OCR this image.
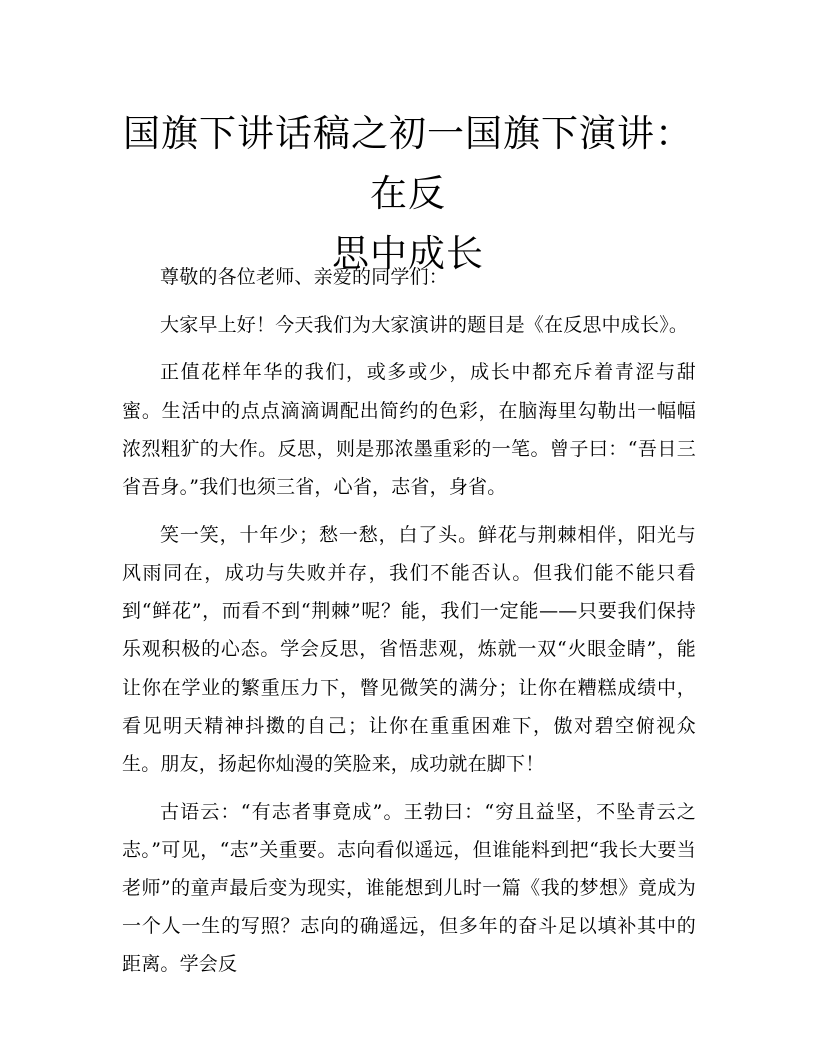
国旗下讲话稿之初一国旗下演讲：在反
思中成长

尊敬的各位老师、亲爱的同学们：

大家早上好！今天我们为大家演讲的题目是《在反思中成长》。

正值花样年华的我们，或多或少，成长中都充斥着青涩与甜蜜。生活中的点点滴滴调配出简约的色彩，在脑海里勾勒出一幅幅浓烈粗犷的大作。反思，则是那浓墨重彩的一笔。曾子曰：“吾日三省吾身。”我们也须三省，心省，志省，身省。

笑一笑，十年少；愁一愁，白了头。鲜花与荆棘相伴，阳光与风雨同在，成功与失败并存，我们不能否认。但我们能不能只看到“鲜花”，而看不到“荆棘”呢？能，我们一定能——只要我们保持乐观积极的心态。学会反思，省悟悲观，炼就一双“火眼金睛”，能让你在学业的繁重压力下，瞥见微笑的满分；让你在糟糕成绩中，看见明天精神抖擞的自己；让你在重重困难下，傲对碧空俯视众生。朋友，扬起你灿漫的笑脸来，成功就在脚下！

古语云：“有志者事竟成”。王勃曰：“穷且益坚，不坠青云之志。”可见，“志”关重要。志向看似遥远，但谁能料到把“我长大要当老师”的童声最后变为现实，谁能想到儿时一篇《我的梦想》竟成为一个人一生的写照？志向的确遥远，但多年的奋斗足以填补其中的距离。学会反
